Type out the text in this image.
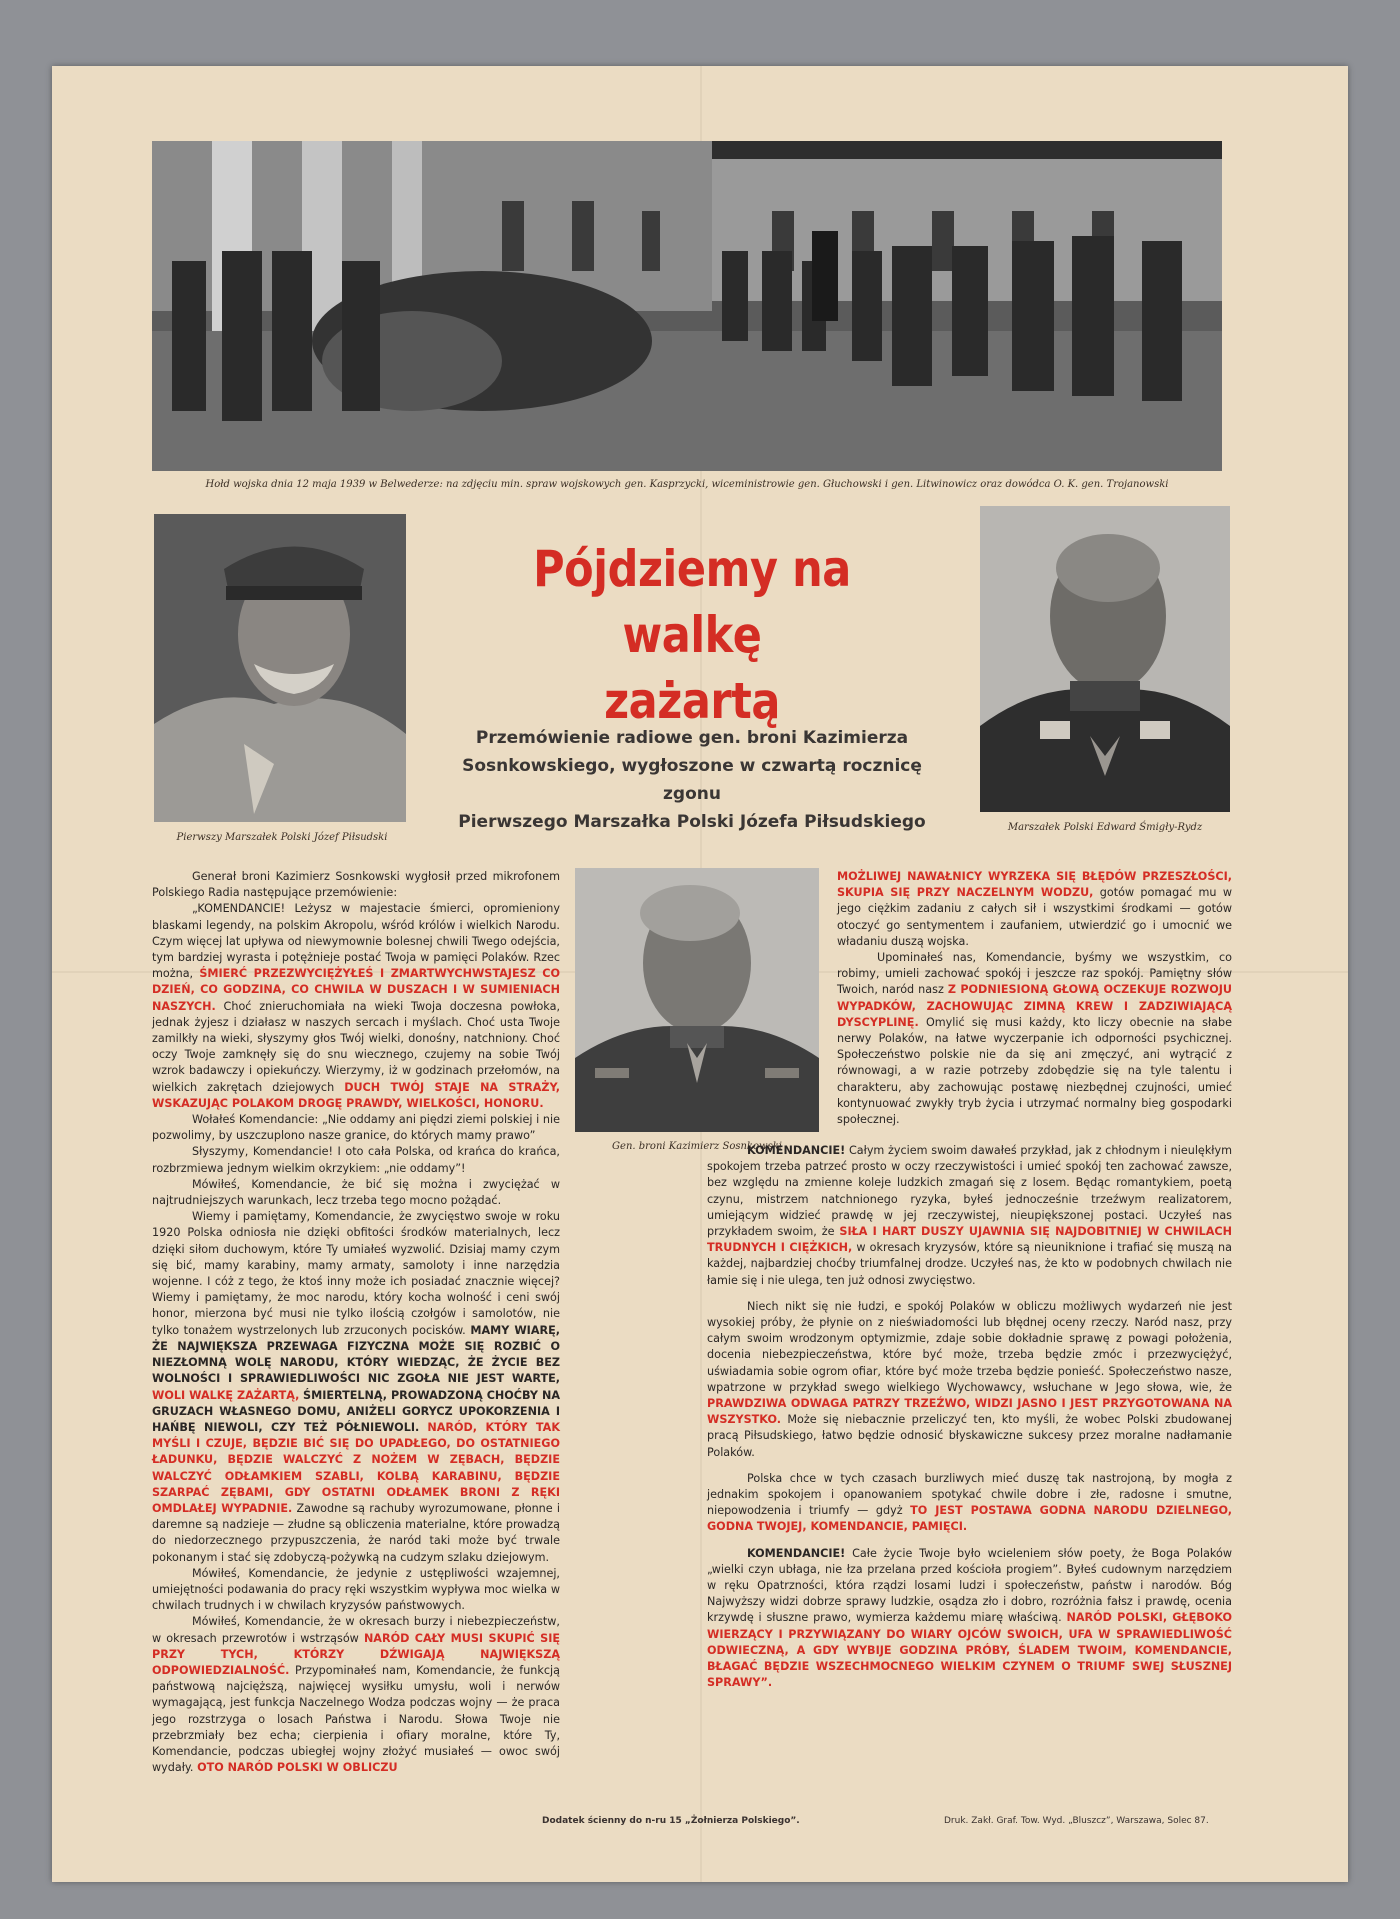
Hołd wojska dnia 12 maja 1939 w Belwederze: na zdjęciu min. spraw wojskowych gen. Kasprzycki, wiceministrowie gen. Głuchowski i gen. Litwinowicz oraz dowódca O. K. gen. Trojanowski
Pierwszy Marszałek Polski Józef Piłsudski
Marszałek Polski Edward Śmigły-Rydz
Pójdziemy na walkę
zażartą
Przemówienie radiowe gen. broni Kazimierza
Sosnkowskiego, wygłoszone w czwartą rocznicę zgonu
Pierwszego Marszałka Polski Józefa Piłsudskiego
Gen. broni Kazimierz Sosnkowski

Generał broni Kazimierz Sosnkowski wygłosił przed mikrofonem Polskiego Radia następujące przemówienie:

„KOMENDANCIE! Leżysz w majestacie śmierci, opromieniony blaskami legendy, na polskim Akropolu, wśród królów i wielkich Narodu. Czym więcej lat upływa od niewymownie bolesnej chwili Twego odejścia, tym bardziej wyrasta i potężnieje postać Twoja w pamięci Polaków. Rzec można, ŚMIERĆ PRZEZWYCIĘŻYŁEŚ I ZMARTWYCHWSTAJESZ CO DZIEŃ, CO GODZINA, CO CHWILA W DUSZACH I W SUMIENIACH NASZYCH. Choć znieruchomiała na wieki Twoja doczesna powłoka, jednak żyjesz i działasz w naszych sercach i myślach. Choć usta Twoje zamilkły na wieki, słyszymy głos Twój wielki, donośny, natchniony. Choć oczy Twoje zamknęły się do snu wiecznego, czujemy na sobie Twój wzrok badawczy i opiekuńczy. Wierzymy, iż w godzinach przełomów, na wielkich zakrętach dziejowych DUCH TWÓJ STAJE NA STRAŻY, WSKAZUJĄC POLAKOM DROGĘ PRAWDY, WIELKOŚCI, HONORU.

Wołałeś Komendancie: „Nie oddamy ani piędzi ziemi polskiej i nie pozwolimy, by uszczuplono nasze granice, do których mamy prawo”

Słyszymy, Komendancie! I oto cała Polska, od krańca do krańca, rozbrzmiewa jednym wielkim okrzykiem: „nie oddamy”!

Mówiłeś, Komendancie, że bić się można i zwyciężać w najtrudniejszych warunkach, lecz trzeba tego mocno pożądać.

Wiemy i pamiętamy, Komendancie, że zwycięstwo swoje w roku 1920 Polska odniosła nie dzięki obfitości środków materialnych, lecz dzięki siłom duchowym, które Ty umiałeś wyzwolić. Dzisiaj mamy czym się bić, mamy karabiny, mamy armaty, samoloty i inne narzędzia wojenne. I cóż z tego, że ktoś inny może ich posiadać znacznie więcej? Wiemy i pamiętamy, że moc narodu, który kocha wolność i ceni swój honor, mierzona być musi nie tylko ilością czołgów i samolotów, nie tylko tonażem wystrzelonych lub zrzuconych pocisków. MAMY WIARĘ, ŻE NAJWIĘKSZA PRZEWAGA FIZYCZNA MOŻE SIĘ ROZBIĆ O NIEZŁOMNĄ WOLĘ NARODU, KTÓRY WIEDZĄC, ŻE ŻYCIE BEZ WOLNOŚCI I SPRAWIEDLIWOŚCI NIC ZGOŁA NIE JEST WARTE, WOLI WALKĘ ZAŻARTĄ, ŚMIERTELNĄ, PROWADZONĄ CHOĆBY NA GRUZACH WŁASNEGO DOMU, ANIŻELI GORYCZ UPOKORZENIA I HAŃBĘ NIEWOLI, CZY TEŻ PÓŁNIEWOLI. NARÓD, KTÓRY TAK MYŚLI I CZUJE, BĘDZIE BIĆ SIĘ DO UPADŁEGO, DO OSTATNIEGO ŁADUNKU, BĘDZIE WALCZYĆ Z NOŻEM W ZĘBACH, BĘDZIE WALCZYĆ ODŁAMKIEM SZABLI, KOLBĄ KARABINU, BĘDZIE SZARPAĆ ZĘBAMI, GDY OSTATNI ODŁAMEK BRONI Z RĘKI OMDLAŁEJ WYPADNIE. Zawodne są rachuby wyrozumowane, płonne i daremne są nadzieje — złudne są obliczenia materialne, które prowadzą do niedorzecznego przypuszczenia, że naród taki może być trwale pokonanym i stać się zdobyczą-pożywką na cudzym szlaku dziejowym.

Mówiłeś, Komendancie, że jedynie z ustępliwości wzajemnej, umiejętności podawania do pracy ręki wszystkim wypływa moc wielka w chwilach trudnych i w chwilach kryzysów państwowych.

Mówiłeś, Komendancie, że w okresach burzy i niebezpieczeństw, w okresach przewrotów i wstrząsów NARÓD CAŁY MUSI SKUPIĆ SIĘ PRZY TYCH, KTÓRZY DŹWIGAJĄ NAJWIĘKSZĄ ODPOWIEDZIALNOŚĆ. Przypominałeś nam, Komendancie, że funkcją państwową najcięższą, najwięcej wysiłku umysłu, woli i nerwów wymagającą, jest funkcja Naczelnego Wodza podczas wojny — że praca jego rozstrzyga o losach Państwa i Narodu. Słowa Twoje nie przebrzmiały bez echa; cierpienia i ofiary moralne, które Ty, Komendancie, podczas ubiegłej wojny złożyć musiałeś — owoc swój wydały. OTO NARÓD POLSKI W OBLICZU

MOŻLIWEJ NAWAŁNICY WYRZEKA SIĘ BŁĘDÓW PRZESZŁOŚCI, SKUPIA SIĘ PRZY NACZELNYM WODZU, gotów pomagać mu w jego ciężkim zadaniu z całych sił i wszystkimi środkami — gotów otoczyć go sentymentem i zaufaniem, utwierdzić go i umocnić we władaniu duszą wojska.

Upominałeś nas, Komendancie, byśmy we wszystkim, co robimy, umieli zachować spokój i jeszcze raz spokój. Pamiętny słów Twoich, naród nasz Z PODNIESIONĄ GŁOWĄ OCZEKUJE ROZWOJU WYPADKÓW, ZACHOWUJĄC ZIMNĄ KREW I ZADZIWIAJĄCĄ DYSCYPLINĘ. Omylić się musi każdy, kto liczy obecnie na słabe nerwy Polaków, na łatwe wyczerpanie ich odporności psychicznej. Społeczeństwo polskie nie da się ani zmęczyć, ani wytrącić z równowagi, a w razie potrzeby zdobędzie się na tyle talentu i charakteru, aby zachowując postawę niezbędnej czujności, umieć kontynuować zwykły tryb życia i utrzymać normalny bieg gospodarki społecznej.

KOMENDANCIE! Całym życiem swoim dawałeś przykład, jak z chłodnym i nieulękłym spokojem trzeba patrzeć prosto w oczy rzeczywistości i umieć spokój ten zachować zawsze, bez względu na zmienne koleje ludzkich zmagań się z losem. Będąc romantykiem, poetą czynu, mistrzem natchnionego ryzyka, byłeś jednocześnie trzeźwym realizatorem, umiejącym widzieć prawdę w jej rzeczywistej, nieupiększonej postaci. Uczyłeś nas przykładem swoim, że SIŁA I HART DUSZY UJAWNIA SIĘ NAJDOBITNIEJ W CHWILACH TRUDNYCH I CIĘŻKICH, w okresach kryzysów, które są nieuniknione i trafiać się muszą na każdej, najbardziej choćby triumfalnej drodze. Uczyłeś nas, że kto w podobnych chwilach nie łamie się i nie ulega, ten już odnosi zwycięstwo.

Niech nikt się nie łudzi, e spokój Polaków w obliczu możliwych wydarzeń nie jest wysokiej próby, że płynie on z nieświadomości lub błędnej oceny rzeczy. Naród nasz, przy całym swoim wrodzonym optymizmie, zdaje sobie dokładnie sprawę z powagi położenia, docenia niebezpieczeństwa, które być może, trzeba będzie zmóc i przezwyciężyć, uświadamia sobie ogrom ofiar, które być może trzeba będzie ponieść. Społeczeństwo nasze, wpatrzone w przykład swego wielkiego Wychowawcy, wsłuchane w Jego słowa, wie, że PRAWDZIWA ODWAGA PATRZY TRZEŹWO, WIDZI JASNO I JEST PRZYGOTOWANA NA WSZYSTKO. Może się niebacznie przeliczyć ten, kto myśli, że wobec Polski zbudowanej pracą Piłsudskiego, łatwo będzie odnosić błyskawiczne sukcesy przez moralne nadłamanie Polaków.

Polska chce w tych czasach burzliwych mieć duszę tak nastrojoną, by mogła z jednakim spokojem i opanowaniem spotykać chwile dobre i złe, radosne i smutne, niepowodzenia i triumfy — gdyż TO JEST POSTAWA GODNA NARODU DZIELNEGO, GODNA TWOJEJ, KOMENDANCIE, PAMIĘCI.

KOMENDANCIE! Całe życie Twoje było wcieleniem słów poety, że Boga Polaków „wielki czyn ubłaga, nie łza przelana przed kościoła progiem”. Byłeś cudownym narzędziem w ręku Opatrzności, która rządzi losami ludzi i społeczeństw, państw i narodów. Bóg Najwyższy widzi dobrze sprawy ludzkie, osądza zło i dobro, rozróżnia fałsz i prawdę, ocenia krzywdę i słuszne prawo, wymierza każdemu miarę właściwą. NARÓD POLSKI, GŁĘBOKO WIERZĄCY I PRZYWIĄZANY DO WIARY OJCÓW SWOICH, UFA W SPRAWIEDLIWOŚĆ ODWIECZNĄ, A GDY WYBIJE GODZINA PRÓBY, ŚLADEM TWOIM, KOMENDANCIE, BŁAGAĆ BĘDZIE WSZECHMOCNEGO WIELKIM CZYNEM O TRIUMF SWEJ SŁUSZNEJ SPRAWY”.

Dodatek ścienny do n-ru 15 „Żołnierza Polskiego”.	Druk. Zakł. Graf. Tow. Wyd. „Bluszcz”, Warszawa, Solec 87.
